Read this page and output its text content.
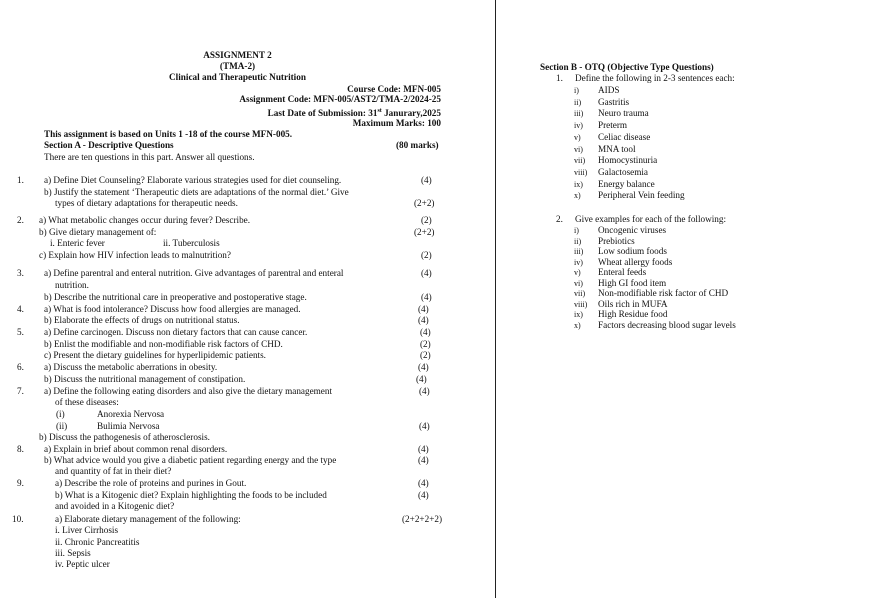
ASSIGNMENT 2
(TMA-2)
Clinical and Therapeutic Nutrition
Course Code: MFN-005
Assignment Code: MFN-005/AST2/TMA-2/2024-25
Last Date of Submission: 31st Janurary,2025
Maximum Marks: 100
This assignment is based on Units 1 -18 of the course MFN-005.
Section A - Descriptive Questions	(80 marks)
There are ten questions in this part. Answer all questions.
1. a) Define Diet Counseling? Elaborate various strategies used for diet counseling.	(4)
b) Justify the statement ‘Therapeutic diets are adaptations of the normal diet.’ Give
types of dietary adaptations for therapeutic needs.	(2+2)
2. a) What metabolic changes occur during fever? Describe.	(2)
b) Give dietary management of:	(2+2)
i. Enteric fever	ii. Tuberculosis
c) Explain how HIV infection leads to malnutrition?	(2)
3. a) Define parentral and enteral nutrition. Give advantages of parentral and enteral	(4)
nutrition.
b) Describe the nutritional care in preoperative and postoperative stage.	(4)
4. a) What is food intolerance? Discuss how food allergies are managed.	(4)
b) Elaborate the effects of drugs on nutritional status.	(4)
5. a) Define carcinogen. Discuss non dietary factors that can cause cancer.	(4)
b) Enlist the modifiable and non-modifiable risk factors of CHD.	(2)
c) Present the dietary guidelines for hyperlipidemic patients.	(2)
6. a) Discuss the metabolic aberrations in obesity.	(4)
b) Discuss the nutritional management of constipation.	(4)
7. a) Define the following eating disorders and also give the dietary management	(4)
of these diseases:
(i)	Anorexia Nervosa
(ii)	Bulimia Nervosa	(4)
b) Discuss the pathogenesis of atherosclerosis.
8. a) Explain in brief about common renal disorders.	(4)
b) What advice would you give a diabetic patient regarding energy and the type	(4)
and quantity of fat in their diet?
9.	a) Describe the role of proteins and purines in Gout.	(4)
b) What is a Kitogenic diet? Explain highlighting the foods to be included	(4)
and avoided in a Kitogenic diet?
10.	a) Elaborate dietary management of the following:	(2+2+2+2)
i. Liver Cirrhosis
ii. Chronic Pancreatitis
iii. Sepsis
iv. Peptic ulcer
Section B - OTQ (Objective Type Questions)
1. Define the following in 2-3 sentences each:
i) AIDS
ii) Gastritis
iii) Neuro trauma
iv) Preterm
v) Celiac disease
vi) MNA tool
vii) Homocystinuria
viii) Galactosemia
ix) Energy balance
x) Peripheral Vein feeding
2. Give examples for each of the following:
i) Oncogenic viruses
ii) Prebiotics
iii) Low sodium foods
iv) Wheat allergy foods
v) Enteral feeds
vi) High GI food item
vii) Non-modifiable risk factor of CHD
viii) Oils rich in MUFA
ix) High Residue food
x) Factors decreasing blood sugar levels
